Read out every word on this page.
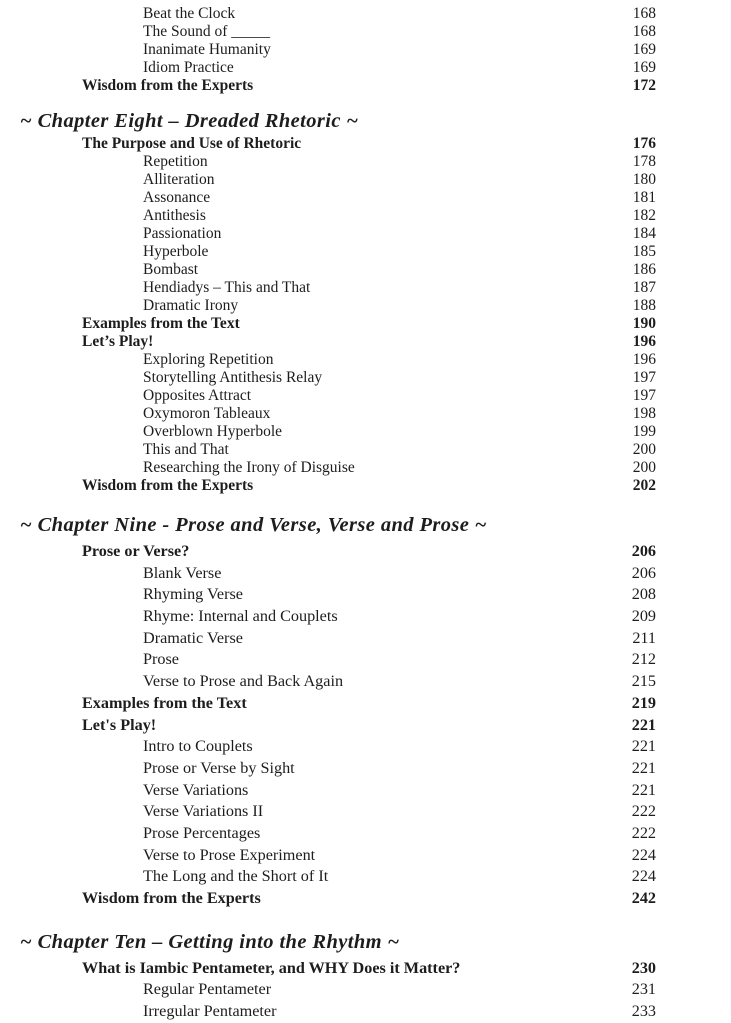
Beat the Clock	168
The Sound of _____	168
Inanimate Humanity	169
Idiom Practice	169
Wisdom from the Experts	172
~ Chapter Eight – Dreaded Rhetoric ~
The Purpose and Use of Rhetoric	176
Repetition	178
Alliteration	180
Assonance	181
Antithesis	182
Passionation	184
Hyperbole	185
Bombast	186
Hendiadys – This and That	187
Dramatic Irony	188
Examples from the Text	190
Let’s Play!	196
Exploring Repetition	196
Storytelling Antithesis Relay	197
Opposites Attract	197
Oxymoron Tableaux	198
Overblown Hyperbole	199
This and That	200
Researching the Irony of Disguise	200
Wisdom from the Experts	202
~ Chapter Nine - Prose and Verse, Verse and Prose ~
Prose or Verse?	206
Blank Verse	206
Rhyming Verse	208
Rhyme: Internal and Couplets	209
Dramatic Verse	211
Prose	212
Verse to Prose and Back Again	215
Examples from the Text	219
Let's Play!	221
Intro to Couplets	221
Prose or Verse by Sight	221
Verse Variations	221
Verse Variations II	222
Prose Percentages	222
Verse to Prose Experiment	224
The Long and the Short of It	224
Wisdom from the Experts	242
~ Chapter Ten – Getting into the Rhythm ~
What is Iambic Pentameter, and WHY Does it Matter?	230
Regular Pentameter	231
Irregular Pentameter	233
